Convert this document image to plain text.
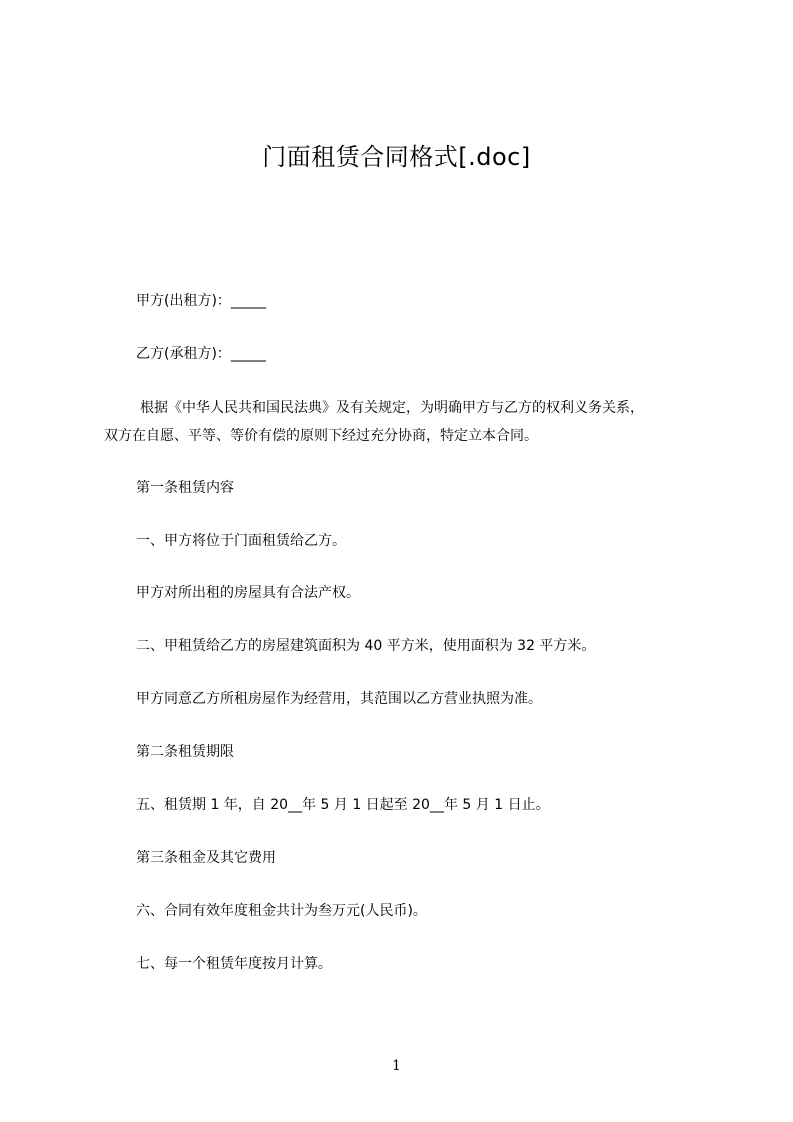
门面租赁合同格式[.doc]
甲方(出租方)：_____
乙方(承租方)：_____
根据《中华人民共和国民法典》及有关规定，为明确甲方与乙方的权利义务关系，
双方在自愿、平等、等价有偿的原则下经过充分协商，特定立本合同。
第一条租赁内容
一、甲方将位于门面租赁给乙方。
甲方对所出租的房屋具有合法产权。
二、甲租赁给乙方的房屋建筑面积为 40 平方米，使用面积为 32 平方米。
甲方同意乙方所租房屋作为经营用，其范围以乙方营业执照为准。
第二条租赁期限
五、租赁期 1 年，自 20__年 5 月 1 日起至 20__年 5 月 1 日止。
第三条租金及其它费用
六、合同有效年度租金共计为叁万元(人民币)。
七、每一个租赁年度按月计算。
1
